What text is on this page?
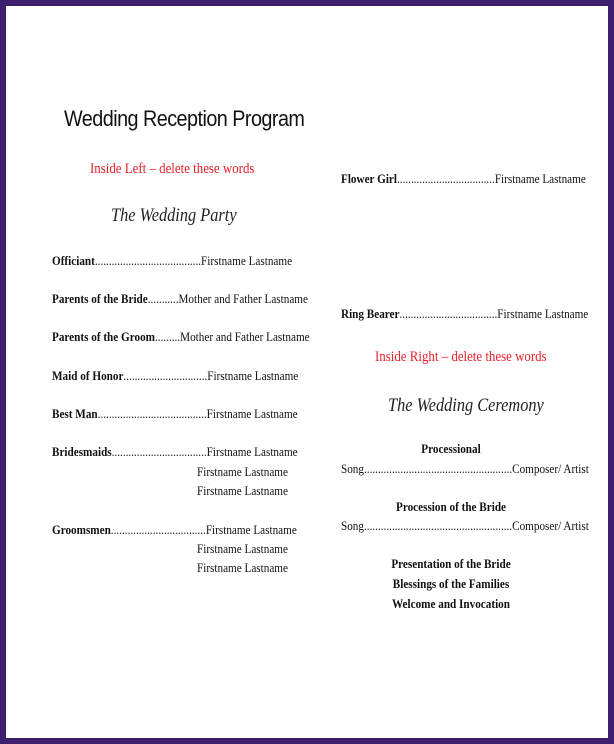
Wedding Reception Program
Inside Left – delete these words
The Wedding Party
Officiant......................................Firstname Lastname
Parents of the Bride...........Mother and Father Lastname
Parents of the Groom.........Mother and Father Lastname
Maid of Honor..............................Firstname Lastname
Best Man.......................................Firstname Lastname
Bridesmaids..................................Firstname Lastname
Firstname Lastname
Firstname Lastname
Groomsmen..................................Firstname Lastname
Firstname Lastname
Firstname Lastname
Flower Girl...................................Firstname Lastname
Ring Bearer...................................Firstname Lastname
Inside Right – delete these words
The Wedding Ceremony
Processional
Song.....................................................Composer/ Artist
Procession of the Bride
Song.....................................................Composer/ Artist
Presentation of the Bride
Blessings of the Families
Welcome and Invocation
